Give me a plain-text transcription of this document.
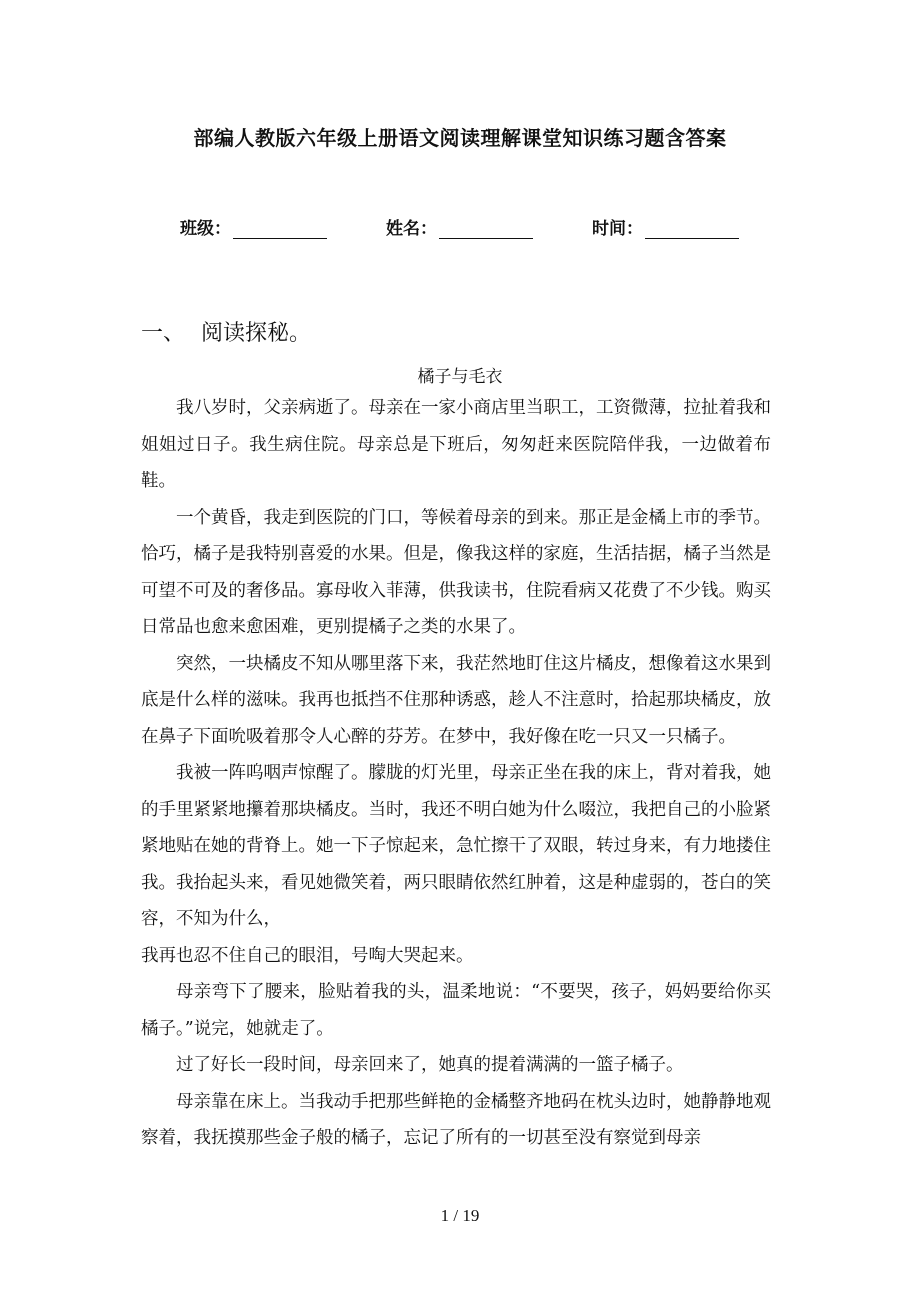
部编人教版六年级上册语文阅读理解课堂知识练习题含答案
班级：	姓名：	时间：
一、 阅读探秘。
橘子与毛衣

我八岁时，父亲病逝了。母亲在一家小商店里当职工，工资微薄，拉扯着我和姐姐过日子。我生病住院。母亲总是下班后，匆匆赶来医院陪伴我，一边做着布鞋。

一个黄昏，我走到医院的门口，等候着母亲的到来。那正是金橘上市的季节。恰巧，橘子是我特别喜爱的水果。但是，像我这样的家庭，生活拮据，橘子当然是可望不可及的奢侈品。寡母收入菲薄，供我读书，住院看病又花费了不少钱。购买日常品也愈来愈困难，更别提橘子之类的水果了。

突然，一块橘皮不知从哪里落下来，我茫然地盯住这片橘皮，想像着这水果到底是什么样的滋味。我再也抵挡不住那种诱惑，趁人不注意时，拾起那块橘皮，放在鼻子下面吮吸着那令人心醉的芬芳。在梦中，我好像在吃一只又一只橘子。

我被一阵呜咽声惊醒了。朦胧的灯光里，母亲正坐在我的床上，背对着我，她的手里紧紧地攥着那块橘皮。当时，我还不明白她为什么啜泣，我把自己的小脸紧紧地贴在她的背脊上。她一下子惊起来，急忙擦干了双眼，转过身来，有力地搂住我。我抬起头来，看见她微笑着，两只眼睛依然红肿着，这是种虚弱的，苍白的笑容，不知为什么，

我再也忍不住自己的眼泪，号啕大哭起来。

母亲弯下了腰来，脸贴着我的头，温柔地说：“不要哭，孩子，妈妈要给你买橘子。”说完，她就走了。

过了好长一段时间，母亲回来了，她真的提着满满的一篮子橘子。

母亲靠在床上。当我动手把那些鲜艳的金橘整齐地码在枕头边时，她静静地观察着，我抚摸那些金子般的橘子，忘记了所有的一切甚至没有察觉到母亲

1 / 19
